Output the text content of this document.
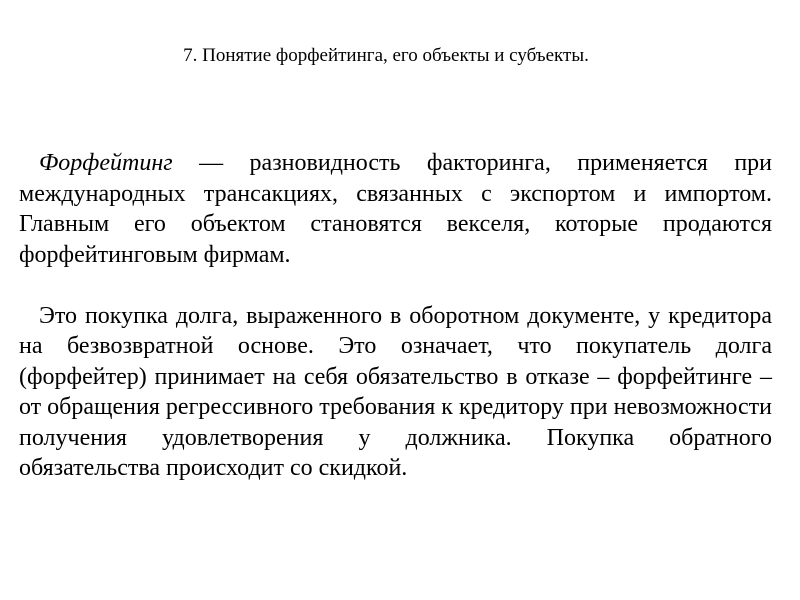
7. Понятие форфейтинга, его объекты и субъекты.

Форфейтинг — разновидность факторинга, применяется при международных трансакциях, связанных с экспортом и импортом. Главным его объектом становятся векселя, которые продаются форфейтинговым фирмам.

Это покупка долга, выраженного в оборотном документе, у кредитора на безвозвратной основе. Это означает, что покупатель долга (форфейтер) принимает на себя обязательство в отказе – форфейтинге – от обращения регрессивного требования к кредитору при невозможности получения удовлетворения у должника. Покупка обратного обязательства происходит со скидкой.
